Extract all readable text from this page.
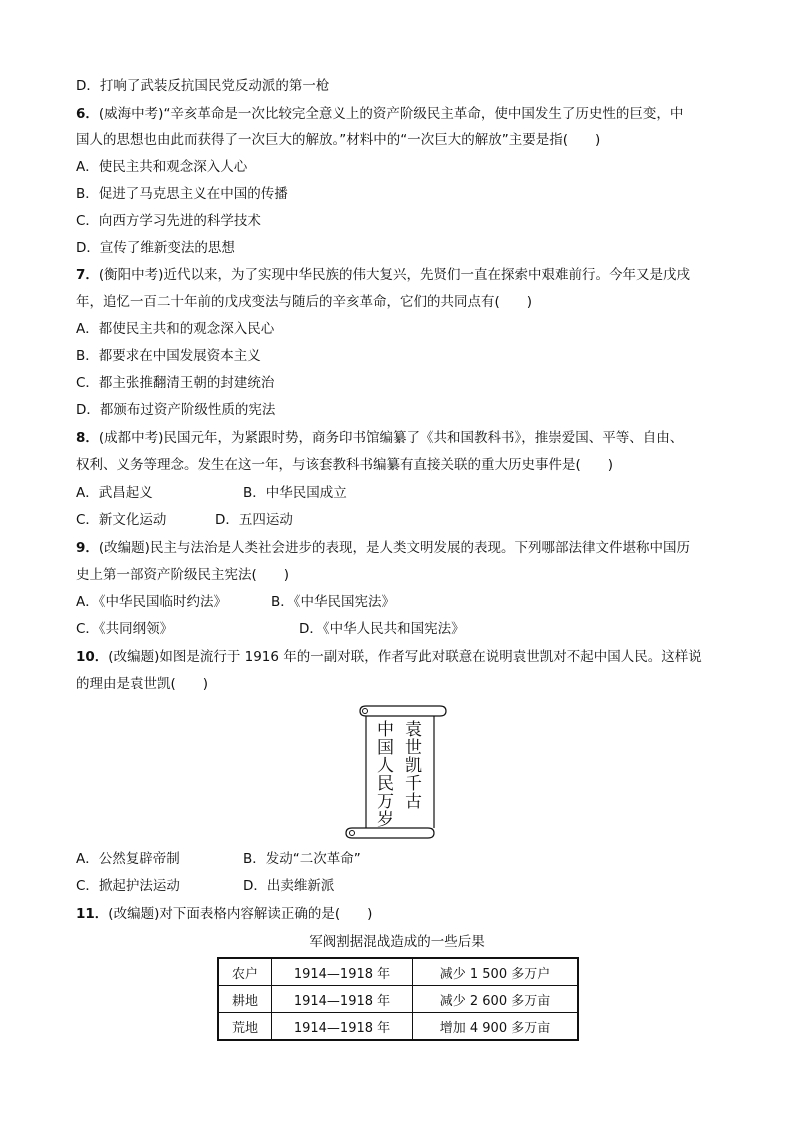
D．打响了武装反抗国民党反动派的第一枪
6．(威海中考)“辛亥革命是一次比较完全意义上的资产阶级民主革命，使中国发生了历史性的巨变，中
国人的思想也由此而获得了一次巨大的解放。”材料中的“一次巨大的解放”主要是指(　　)
A．使民主共和观念深入人心
B．促进了马克思主义在中国的传播
C．向西方学习先进的科学技术
D．宣传了维新变法的思想
7．(衡阳中考)近代以来，为了实现中华民族的伟大复兴，先贤们一直在探索中艰难前行。今年又是戊戌
年，追忆一百二十年前的戊戌变法与随后的辛亥革命，它们的共同点有(　　)
A．都使民主共和的观念深入民心
B．都要求在中国发展资本主义
C．都主张推翻清王朝的封建统治
D．都颁布过资产阶级性质的宪法
8．(成都中考)民国元年，为紧跟时势，商务印书馆编纂了《共和国教科书》，推崇爱国、平等、自由、
权利、义务等理念。发生在这一年，与该套教科书编纂有直接关联的重大历史事件是(　　)
A．武昌起义	B．中华民国成立
C．新文化运动	D．五四运动
9．(改编题)民主与法治是人类社会进步的表现，是人类文明发展的表现。下列哪部法律文件堪称中国历
史上第一部资产阶级民主宪法(　　)
A．《中华民国临时约法》	B．《中华民国宪法》
C．《共同纲领》	D．《中华人民共和国宪法》
10．(改编题)如图是流行于 1916 年的一副对联，作者写此对联意在说明袁世凯对不起中国人民。这样说
的理由是袁世凯(　　)
袁世凯千古
中国人民万岁
A．公然复辟帝制	B．发动“二次革命”
C．掀起护法运动	D．出卖维新派
11．(改编题)对下面表格内容解读正确的是(　　)
军阀割据混战造成的一些后果
农户	1914—1918 年	减少 1 500 多万户
耕地	1914—1918 年	减少 2 600 多万亩
荒地	1914—1918 年	增加 4 900 多万亩
